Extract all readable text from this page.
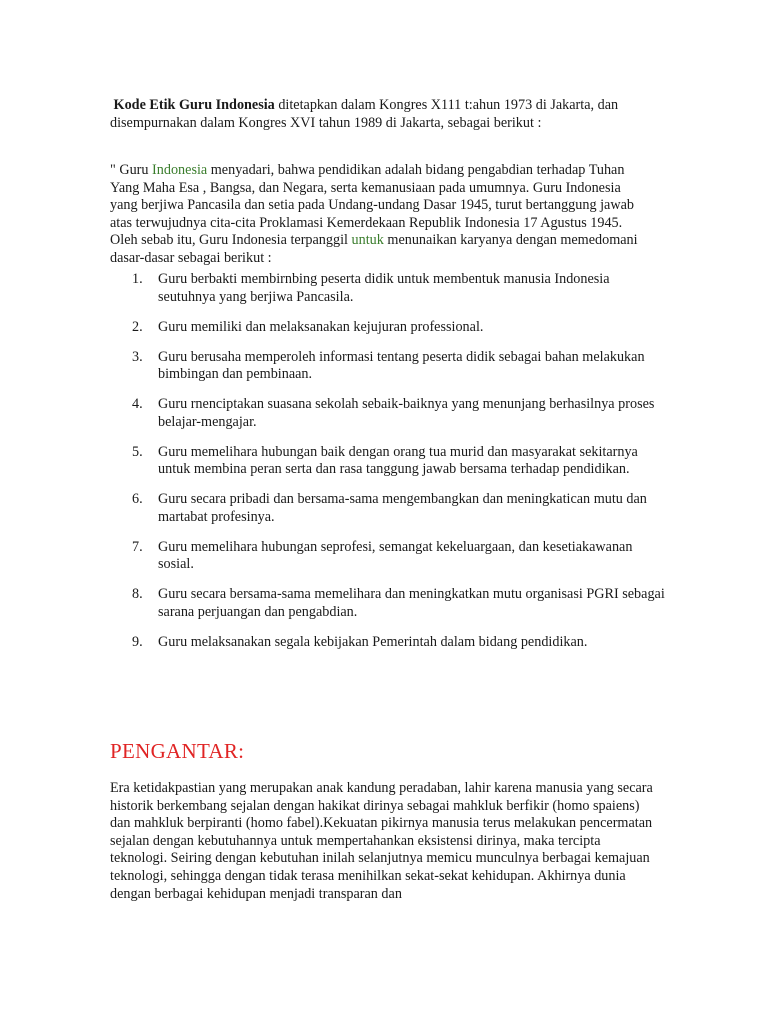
Kode Etik Guru Indonesia ditetapkan dalam Kongres X111 t:ahun 1973 di Jakarta, dan disempurnakan dalam Kongres XVI tahun 1989 di Jakarta, sebagai berikut :

" Guru Indonesia menyadari, bahwa pendidikan adalah bidang pengabdian terhadap Tuhan Yang Maha Esa , Bangsa, dan Negara, serta kemanusiaan pada umumnya. Guru Indonesia yang berjiwa Pancasila dan setia pada Undang-undang Dasar 1945, turut bertanggung jawab atas terwujudnya cita-cita Proklamasi Kemerdekaan Republik Indonesia 17 Agustus 1945. Oleh sebab itu, Guru Indonesia terpanggil untuk menunaikan karyanya dengan memedomani dasar-dasar sebagai berikut :

1. Guru berbakti membirnbing peserta didik untuk membentuk manusia Indonesia seutuhnya yang berjiwa Pancasila.
2. Guru memiliki dan melaksanakan kejujuran professional.
3. Guru berusaha memperoleh informasi tentang peserta didik sebagai bahan melakukan bimbingan dan pembinaan.
4. Guru rnenciptakan suasana sekolah sebaik-baiknya yang menunjang berhasilnya proses belajar-mengajar.
5. Guru memelihara hubungan baik dengan orang tua murid dan masyarakat sekitarnya untuk membina peran serta dan rasa tanggung jawab bersama terhadap pendidikan.
6. Guru secara pribadi dan bersama-sama mengembangkan dan meningkatican mutu dan martabat profesinya.
7. Guru memelihara hubungan seprofesi, semangat kekeluargaan, dan kesetiakawanan sosial.
8. Guru secara bersama-sama memelihara dan meningkatkan mutu organisasi PGRI sebagai sarana perjuangan dan pengabdian.
9. Guru melaksanakan segala kebijakan Pemerintah dalam bidang pendidikan.
PENGANTAR:

Era ketidakpastian yang merupakan anak kandung peradaban, lahir karena manusia yang secara historik berkembang sejalan dengan hakikat dirinya sebagai mahkluk berfikir (homo spaiens) dan mahkluk berpiranti (homo fabel).Kekuatan pikirnya manusia terus melakukan pencermatan sejalan dengan kebutuhannya untuk mempertahankan eksistensi dirinya, maka tercipta teknologi. Seiring dengan kebutuhan inilah selanjutnya memicu munculnya berbagai kemajuan teknologi, sehingga dengan tidak terasa menihilkan sekat-sekat kehidupan. Akhirnya dunia dengan berbagai kehidupan menjadi transparan dan
